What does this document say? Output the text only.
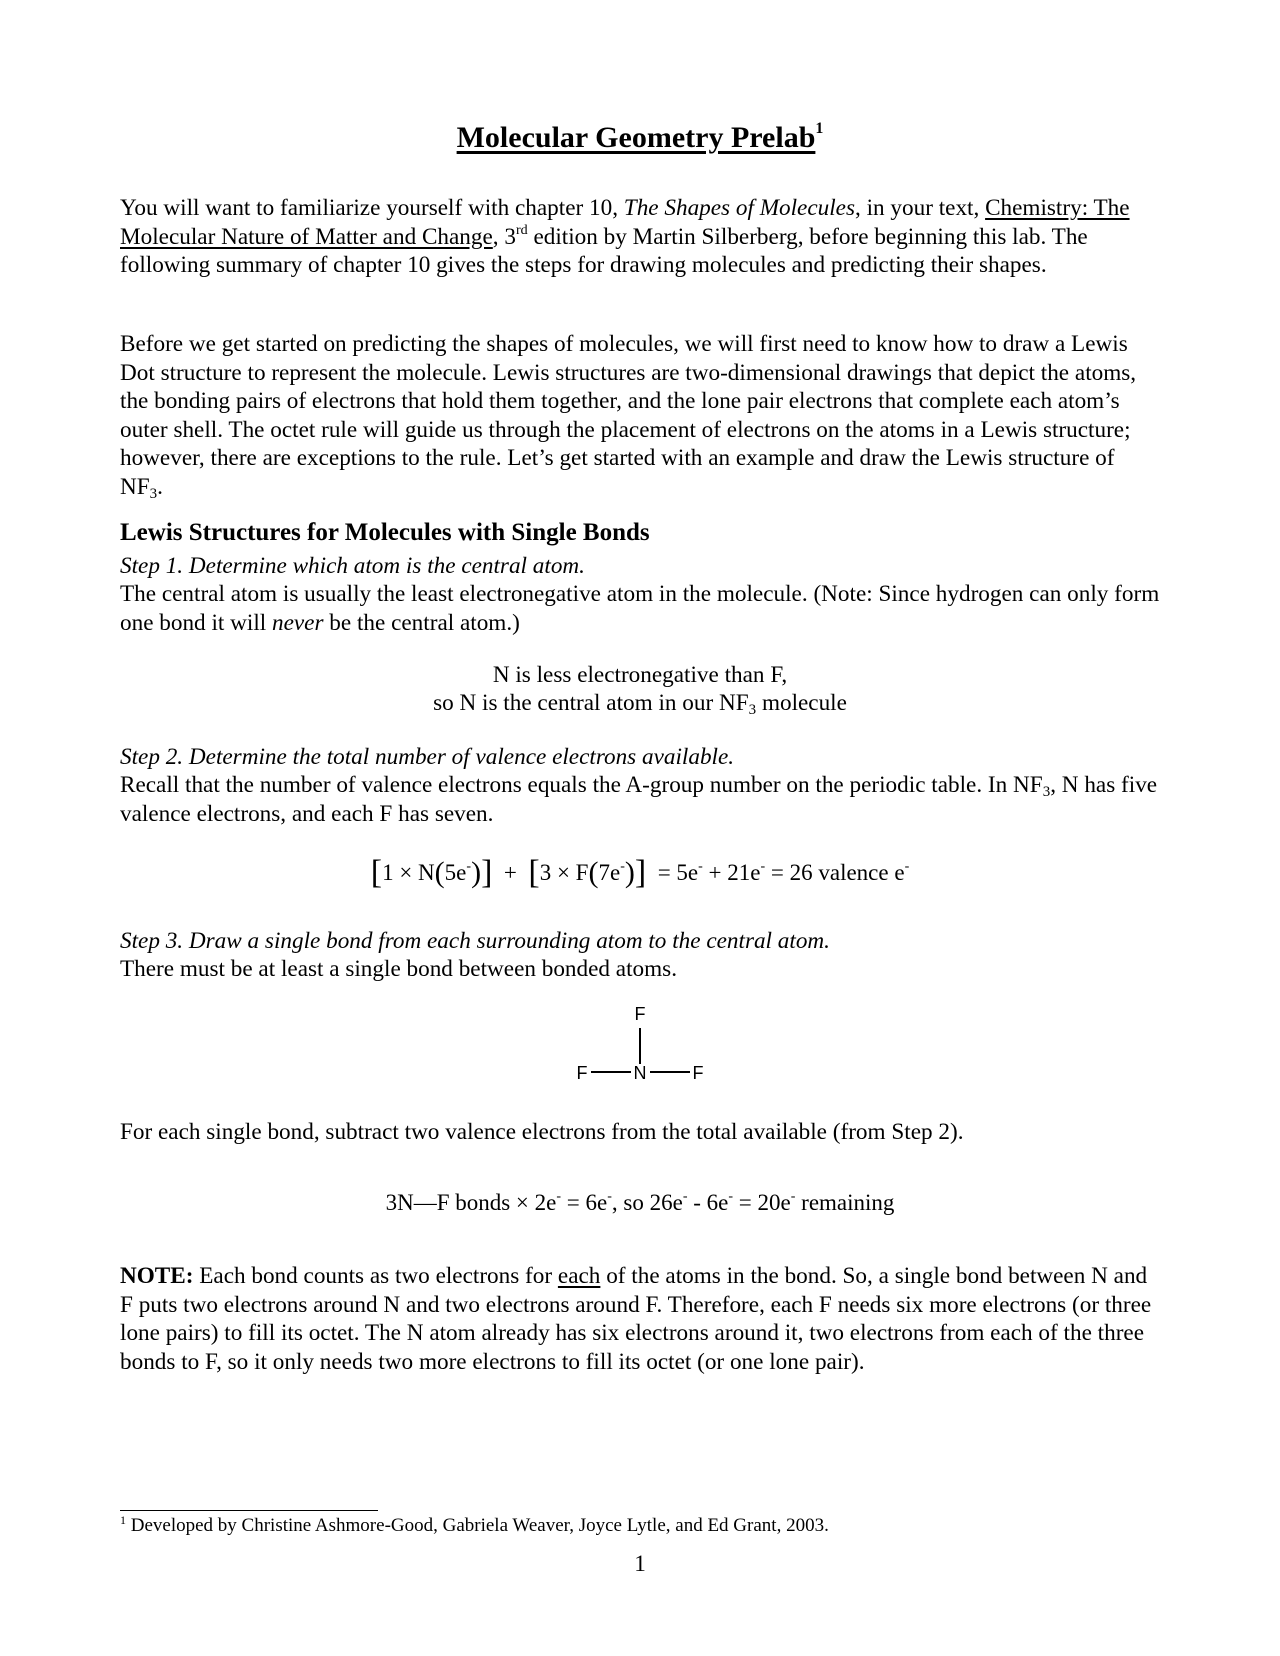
Molecular Geometry Prelab$^1$

You will want to familiarize yourself with chapter 10, The Shapes of Molecules, in your text, Chemistry: The Molecular Nature of Matter and Change, 3rd edition by Martin Silberberg, before beginning this lab. The following summary of chapter 10 gives the steps for drawing molecules and predicting their shapes.

Before we get started on predicting the shapes of molecules, we will first need to know how to draw a Lewis Dot structure to represent the molecule. Lewis structures are two-dimensional drawings that depict the atoms, the bonding pairs of electrons that hold them together, and the lone pair electrons that complete each atom’s outer shell. The octet rule will guide us through the placement of electrons on the atoms in a Lewis structure; however, there are exceptions to the rule. Let’s get started with an example and draw the Lewis structure of $NF_3$.

Lewis Structures for Molecules with Single Bonds

Step 1. Determine which atom is the central atom.

The central atom is usually the least electronegative atom in the molecule. (Note: Since hydrogen can only form one bond it will never be the central atom.)

N is less electronegative than F,

so N is the central atom in our $NF_3$ molecule

Step 2. Determine the total number of valence electrons available.

Recall that the number of valence electrons equals the A-group number on the periodic table. In $NF_3$, N has five valence electrons, and each F has seven.

[1 × N(5e-)] + [3 × F(7e-)] = 5e- + 21e- = 26 valence e-

Step 3. Draw a single bond from each surrounding atom to the central atom.

There must be at least a single bond between bonded atoms.

F
F	N	F

For each single bond, subtract two valence electrons from the total available (from Step 2).

3N—F bonds × 2e- = 6e-, so 26e- - 6e- = 20e- remaining

NOTE: Each bond counts as two electrons for each of the atoms in the bond. So, a single bond between N and F puts two electrons around N and two electrons around F. Therefore, each F needs six more electrons (or three lone pairs) to fill its octet. The N atom already has six electrons around it, two electrons from each of the three bonds to F, so it only needs two more electrons to fill its octet (or one lone pair).

$^1$ Developed by Christine Ashmore-Good, Gabriela Weaver, Joyce Lytle, and Ed Grant, 2003.

1
